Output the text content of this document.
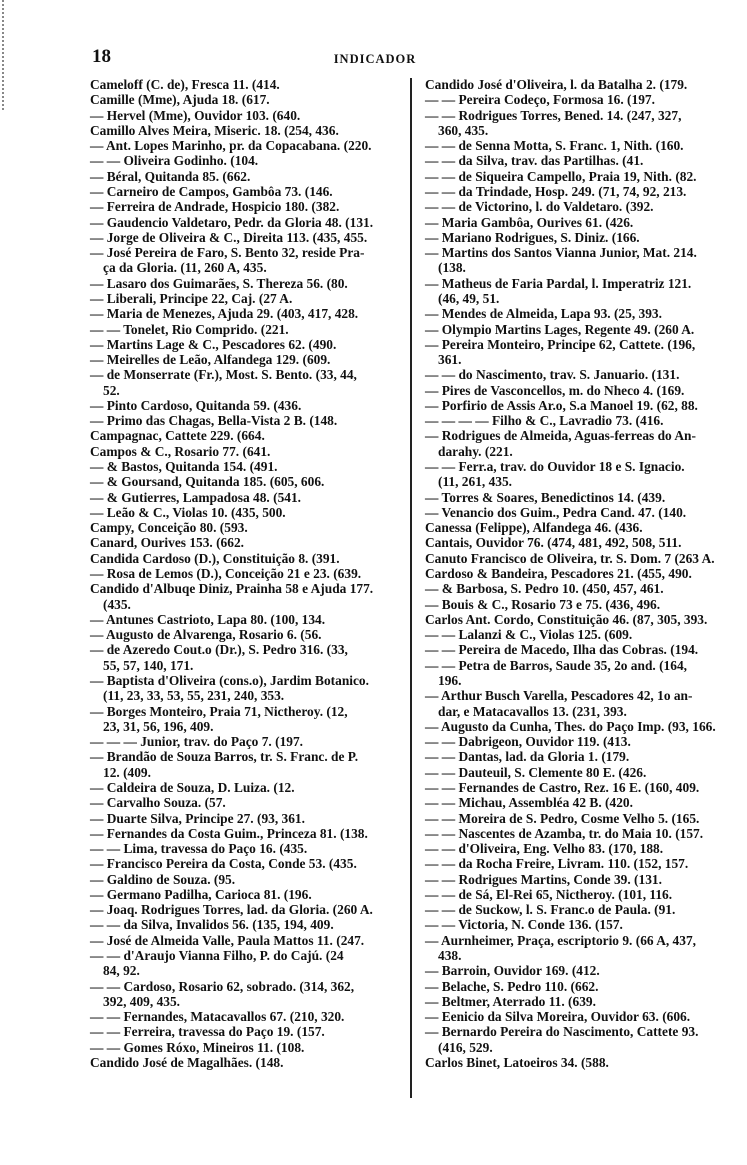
18	INDICADOR
Cameloff (C. de), Fresca 11. (414.
Camille (Mme), Ajuda 18. (617.
— Hervel (Mme), Ouvidor 103. (640.
Camillo Alves Meira, Miseric. 18. (254, 436.
— Ant. Lopes Marinho, pr. da Copacabana. (220.
— — Oliveira Godinho. (104.
— Béral, Quitanda 85. (662.
— Carneiro de Campos, Gambôa 73. (146.
— Ferreira de Andrade, Hospicio 180. (382.
— Gaudencio Valdetaro, Pedr. da Gloria 48. (131.
— Jorge de Oliveira & C., Direita 113. (435, 455.
— José Pereira de Faro, S. Bento 32, reside Pra-
ça da Gloria. (11, 260 A, 435.
— Lasaro dos Guimarães, S. Thereza 56. (80.
— Liberali, Principe 22, Caj. (27 A.
— Maria de Menezes, Ajuda 29. (403, 417, 428.
— — Tonelet, Rio Comprido. (221.
— Martins Lage & C., Pescadores 62. (490.
— Meirelles de Leão, Alfandega 129. (609.
— de Monserrate (Fr.), Most. S. Bento. (33, 44,
52.
— Pinto Cardoso, Quitanda 59. (436.
— Primo das Chagas, Bella-Vista 2 B. (148.
Campagnac, Cattete 229. (664.
Campos & C., Rosario 77. (641.
— & Bastos, Quitanda 154. (491.
— & Goursand, Quitanda 185. (605, 606.
— & Gutierres, Lampadosa 48. (541.
— Leão & C., Violas 10. (435, 500.
Campy, Conceição 80. (593.
Canard, Ourives 153. (662.
Candida Cardoso (D.), Constituição 8. (391.
— Rosa de Lemos (D.), Conceição 21 e 23. (639.
Candido d'Albuqe Diniz, Prainha 58 e Ajuda 177.
(435.
— Antunes Castrioto, Lapa 80. (100, 134.
— Augusto de Alvarenga, Rosario 6. (56.
— de Azeredo Cout.o (Dr.), S. Pedro 316. (33,
55, 57, 140, 171.
— Baptista d'Oliveira (cons.o), Jardim Botanico.
(11, 23, 33, 53, 55, 231, 240, 353.
— Borges Monteiro, Praia 71, Nictheroy. (12,
23, 31, 56, 196, 409.
— — — Junior, trav. do Paço 7. (197.
— Brandão de Souza Barros, tr. S. Franc. de P.
12. (409.
— Caldeira de Souza, D. Luiza. (12.
— Carvalho Souza. (57.
— Duarte Silva, Principe 27. (93, 361.
— Fernandes da Costa Guim., Princeza 81. (138.
— — Lima, travessa do Paço 16. (435.
— Francisco Pereira da Costa, Conde 53. (435.
— Galdino de Souza. (95.
— Germano Padilha, Carioca 81. (196.
— Joaq. Rodrigues Torres, lad. da Gloria. (260 A.
— — da Silva, Invalidos 56. (135, 194, 409.
— José de Almeida Valle, Paula Mattos 11. (247.
— — d'Araujo Vianna Filho, P. do Cajú. (24
84, 92.
— — Cardoso, Rosario 62, sobrado. (314, 362,
392, 409, 435.
— — Fernandes, Matacavallos 67. (210, 320.
— — Ferreira, travessa do Paço 19. (157.
— — Gomes Róxo, Mineiros 11. (108.
Candido José de Magalhães. (148.
Candido José d'Oliveira, l. da Batalha 2. (179.
— — Pereira Codeço, Formosa 16. (197.
— — Rodrigues Torres, Bened. 14. (247, 327,
360, 435.
— — de Senna Motta, S. Franc. 1, Nith. (160.
— — da Silva, trav. das Partilhas. (41.
— — de Siqueira Campello, Praia 19, Nith. (82.
— — da Trindade, Hosp. 249. (71, 74, 92, 213.
— — de Victorino, l. do Valdetaro. (392.
— Maria Gambôa, Ourives 61. (426.
— Mariano Rodrigues, S. Diniz. (166.
— Martins dos Santos Vianna Junior, Mat. 214.
(138.
— Matheus de Faria Pardal, l. Imperatriz 121.
(46, 49, 51.
— Mendes de Almeida, Lapa 93. (25, 393.
— Olympio Martins Lages, Regente 49. (260 A.
— Pereira Monteiro, Principe 62, Cattete. (196,
361.
— — do Nascimento, trav. S. Januario. (131.
— Pires de Vasconcellos, m. do Nheco 4. (169.
— Porfirio de Assis Ar.o, S.a Manoel 19. (62, 88.
— — — — Filho & C., Lavradio 73. (416.
— Rodrigues de Almeida, Aguas-ferreas do An-
darahy. (221.
— — Ferr.a, trav. do Ouvidor 18 e S. Ignacio.
(11, 261, 435.
— Torres & Soares, Benedictinos 14. (439.
— Venancio dos Guim., Pedra Cand. 47. (140.
Canessa (Felippe), Alfandega 46. (436.
Cantais, Ouvidor 76. (474, 481, 492, 508, 511.
Canuto Francisco de Oliveira, tr. S. Dom. 7 (263 A.
Cardoso & Bandeira, Pescadores 21. (455, 490.
— & Barbosa, S. Pedro 10. (450, 457, 461.
— Bouis & C., Rosario 73 e 75. (436, 496.
Carlos Ant. Cordo, Constituição 46. (87, 305, 393.
— — Lalanzi & C., Violas 125. (609.
— — Pereira de Macedo, Ilha das Cobras. (194.
— — Petra de Barros, Saude 35, 2o and. (164,
196.
— Arthur Busch Varella, Pescadores 42, 1o an-
dar, e Matacavallos 13. (231, 393.
— Augusto da Cunha, Thes. do Paço Imp. (93, 166.
— — Dabrigeon, Ouvidor 119. (413.
— — Dantas, lad. da Gloria 1. (179.
— — Dauteuil, S. Clemente 80 E. (426.
— — Fernandes de Castro, Rez. 16 E. (160, 409.
— — Michau, Assembléa 42 B. (420.
— — Moreira de S. Pedro, Cosme Velho 5. (165.
— — Nascentes de Azamba, tr. do Maia 10. (157.
— — d'Oliveira, Eng. Velho 83. (170, 188.
— — da Rocha Freire, Livram. 110. (152, 157.
— — Rodrigues Martins, Conde 39. (131.
— — de Sá, El-Rei 65, Nictheroy. (101, 116.
— — de Suckow, l. S. Franc.o de Paula. (91.
— — Victoria, N. Conde 136. (157.
— Aurnheimer, Praça, escriptorio 9. (66 A, 437,
438.
— Barroin, Ouvidor 169. (412.
— Belache, S. Pedro 110. (662.
— Beltmer, Aterrado 11. (639.
— Eenicio da Silva Moreira, Ouvidor 63. (606.
— Bernardo Pereira do Nascimento, Cattete 93.
(416, 529.
Carlos Binet, Latoeiros 34. (588.
